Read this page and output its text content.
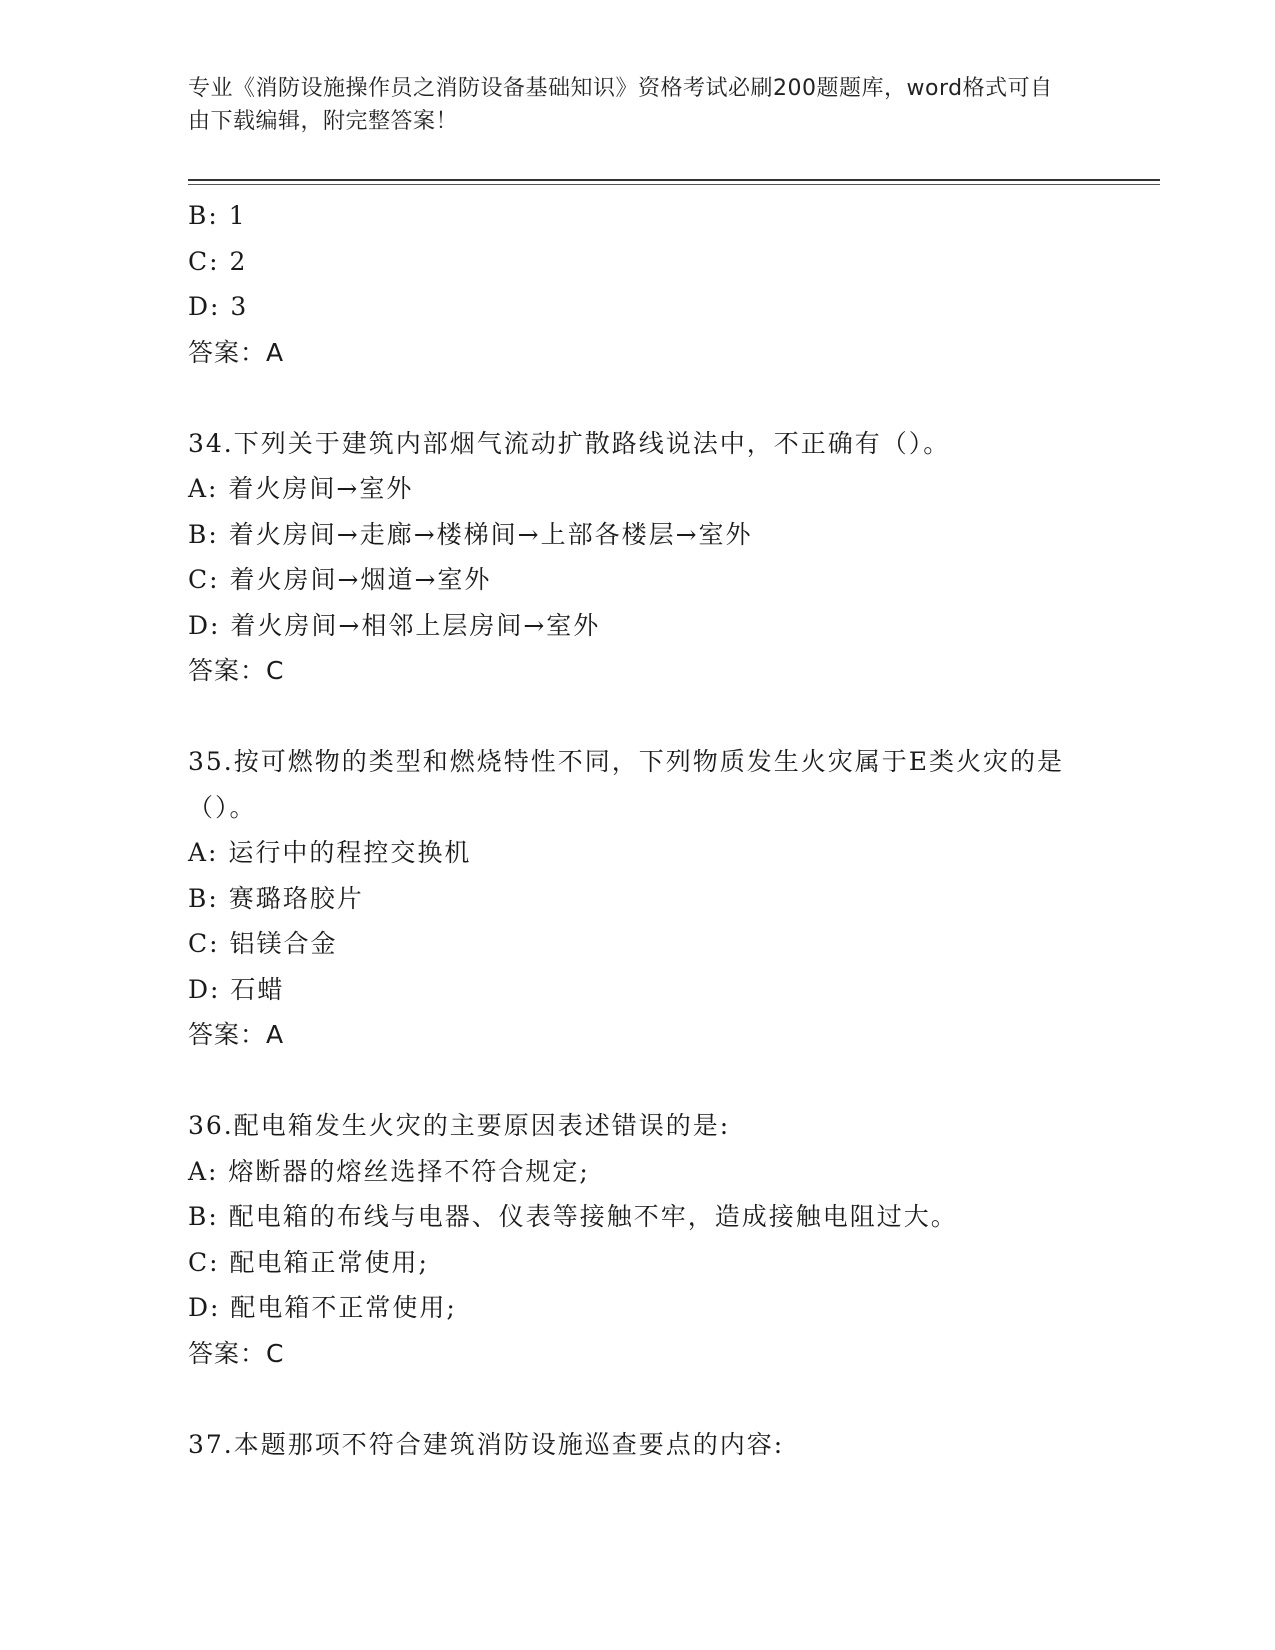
专业《消防设施操作员之消防设备基础知识》资格考试必刷200题题库，word格式可自由下载编辑，附完整答案！
B: 1
C: 2
D: 3
答案：A
34.下列关于建筑内部烟气流动扩散路线说法中，不正确有（）。
A: 着火房间→室外
B: 着火房间→走廊→楼梯间→上部各楼层→室外
C: 着火房间→烟道→室外
D: 着火房间→相邻上层房间→室外
答案：C
35.按可燃物的类型和燃烧特性不同，下列物质发生火灾属于E类火灾的是（）。
A: 运行中的程控交换机
B: 赛璐珞胶片
C: 铝镁合金
D: 石蜡
答案：A
36.配电箱发生火灾的主要原因表述错误的是:
A: 熔断器的熔丝选择不符合规定;
B: 配电箱的布线与电器、仪表等接触不牢，造成接触电阻过大。
C: 配电箱正常使用;
D: 配电箱不正常使用;
答案：C
37.本题那项不符合建筑消防设施巡查要点的内容:
